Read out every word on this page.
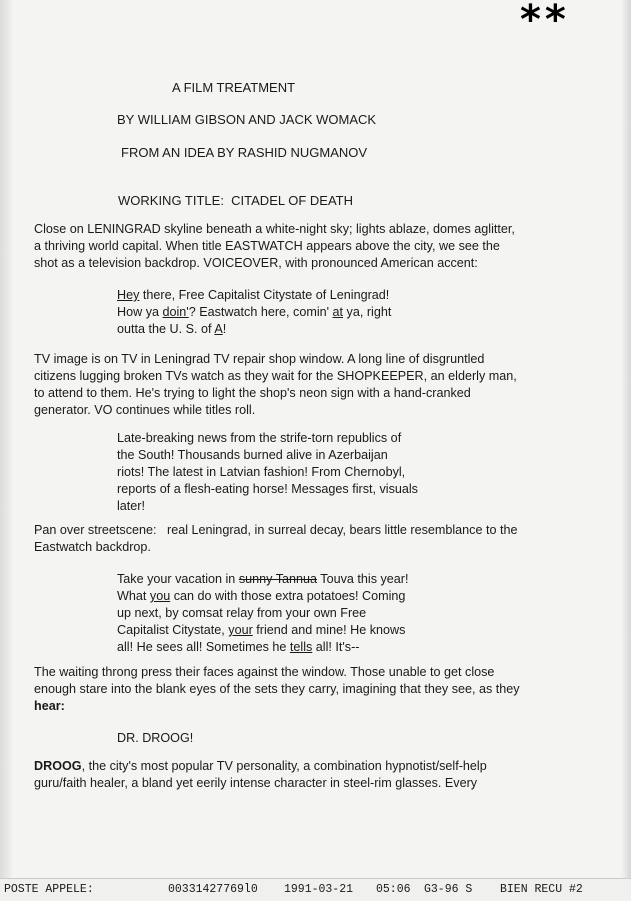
**
A FILM TREATMENT
BY WILLIAM GIBSON AND JACK WOMACK
FROM AN IDEA BY RASHID NUGMANOV
WORKING TITLE:  CITADEL OF DEATH
Close on LENINGRAD skyline beneath a white-night sky; lights ablaze, domes aglitter,
a thriving world capital. When title EASTWATCH appears above the city, we see the
shot as a television backdrop. VOICEOVER, with pronounced American accent:
Hey there, Free Capitalist Citystate of Leningrad!
How ya doin'? Eastwatch here, comin' at ya, right
outta the U. S. of A!
TV image is on TV in Leningrad TV repair shop window. A long line of disgruntled
citizens lugging broken TVs watch as they wait for the SHOPKEEPER, an elderly man,
to attend to them. He's trying to light the shop's neon sign with a hand-cranked
generator. VO continues while titles roll.
Late-breaking news from the strife-torn republics of
the South! Thousands burned alive in Azerbaijan
riots! The latest in Latvian fashion! From Chernobyl,
reports of a flesh-eating horse! Messages first, visuals
later!
Pan over streetscene:   real Leningrad, in surreal decay, bears little resemblance to the
Eastwatch backdrop.
Take your vacation in sunny Tannua Touva this year!
What you can do with those extra potatoes! Coming
up next, by comsat relay from your own Free
Capitalist Citystate, your friend and mine! He knows
all! He sees all! Sometimes he tells all! It's--
The waiting throng press their faces against the window. Those unable to get close
enough stare into the blank eyes of the sets they carry, imagining that they see, as they
hear:
DR. DROOG!
DROOG, the city's most popular TV personality, a combination hypnotist/self-help
guru/faith healer, a bland yet eerily intense character in steel-rim glasses. Every
POSTE APPELE:	00331427769l0 1991-03-21 05:06 G3-96 S BIEN RECU #2
